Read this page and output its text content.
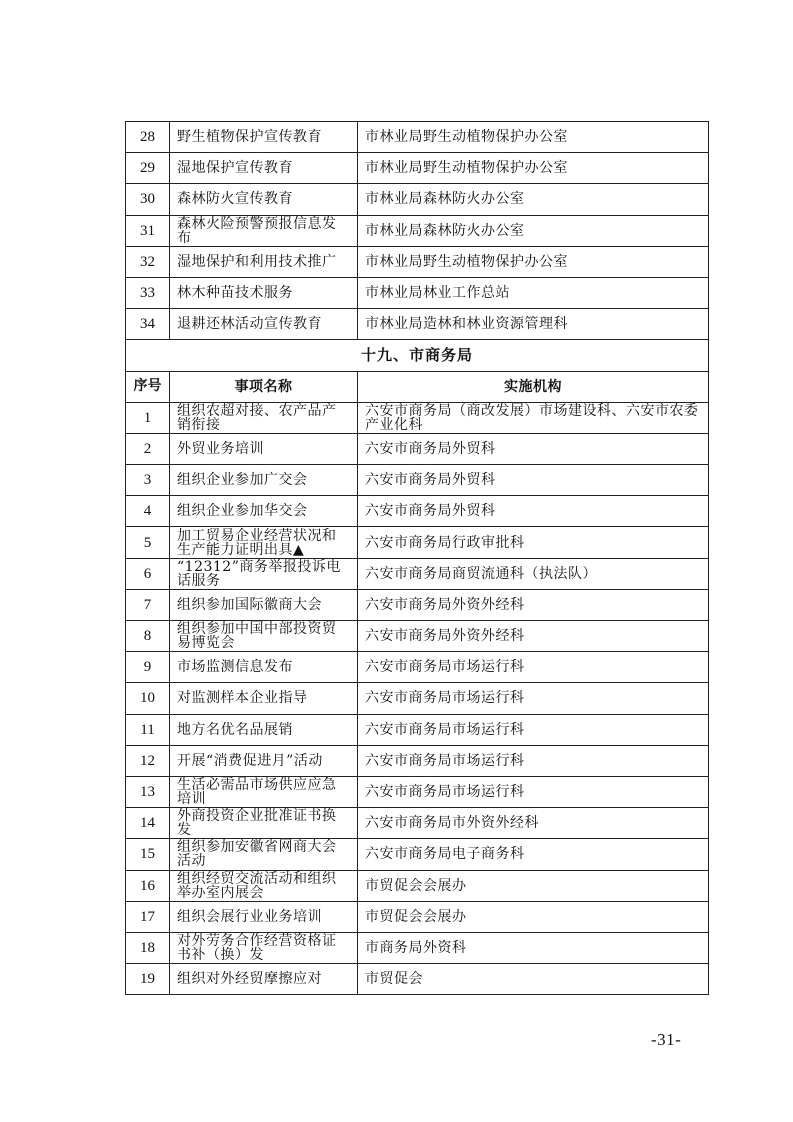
28	野生植物保护宣传教育	市林业局野生动植物保护办公室
29	湿地保护宣传教育	市林业局野生动植物保护办公室
30	森林防火宣传教育	市林业局森林防火办公室
31	森林火险预警预报信息发布	市林业局森林防火办公室
32	湿地保护和利用技术推广	市林业局野生动植物保护办公室
33	林木种苗技术服务	市林业局林业工作总站
34	退耕还林活动宣传教育	市林业局造林和林业资源管理科
十九、市商务局		
序号	事项名称	实施机构
1	组织农超对接、农产品产销衔接	六安市商务局（商改发展）市场建设科、六安市农委产业化科
2	外贸业务培训	六安市商务局外贸科
3	组织企业参加广交会	六安市商务局外贸科
4	组织企业参加华交会	六安市商务局外贸科
5	加工贸易企业经营状况和生产能力证明出具▲	六安市商务局行政审批科
6	“12312”商务举报投诉电话服务	六安市商务局商贸流通科（执法队）
7	组织参加国际徽商大会	六安市商务局外资外经科
8	组织参加中国中部投资贸易博览会	六安市商务局外资外经科
9	市场监测信息发布	六安市商务局市场运行科
10	对监测样本企业指导	六安市商务局市场运行科
11	地方名优名品展销	六安市商务局市场运行科
12	开展“消费促进月”活动	六安市商务局市场运行科
13	生活必需品市场供应应急培训	六安市商务局市场运行科
14	外商投资企业批准证书换发	六安市商务局市外资外经科
15	组织参加安徽省网商大会活动	六安市商务局电子商务科
16	组织经贸交流活动和组织举办室内展会	市贸促会会展办
17	组织会展行业业务培训	市贸促会会展办
18	对外劳务合作经营资格证书补（换）发	市商务局外资科
19	组织对外经贸摩擦应对	市贸促会
-31-
